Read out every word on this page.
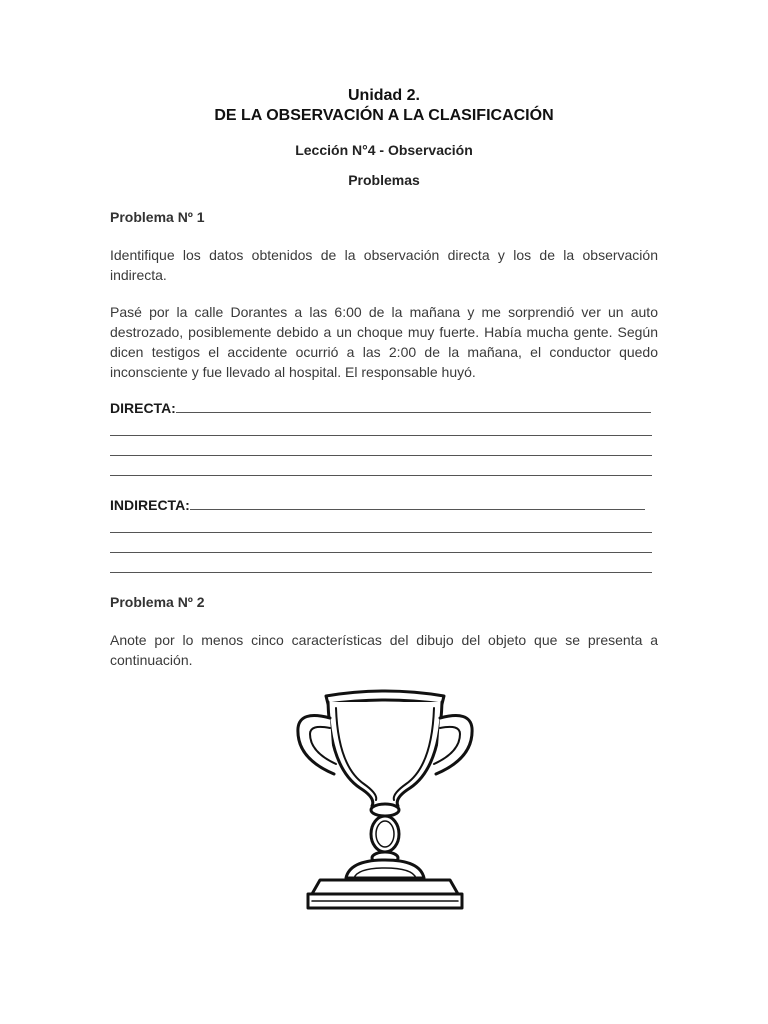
Unidad 2.
DE LA OBSERVACIÓN A LA CLASIFICACIÓN
Lección N°4 - Observación
Problemas
Problema Nº 1
Identifique los datos obtenidos de la observación directa y los de la observación indirecta.
Pasé por la calle Dorantes a las 6:00 de la mañana y me sorprendió ver un auto destrozado, posiblemente debido a un choque muy fuerte. Había mucha gente. Según dicen testigos el accidente ocurrió a las 2:00 de la mañana, el conductor quedo inconsciente y fue llevado al hospital. El responsable huyó.
DIRECTA:
INDIRECTA:
Problema Nº 2
Anote por lo menos cinco características del dibujo del objeto que se presenta a continuación.
